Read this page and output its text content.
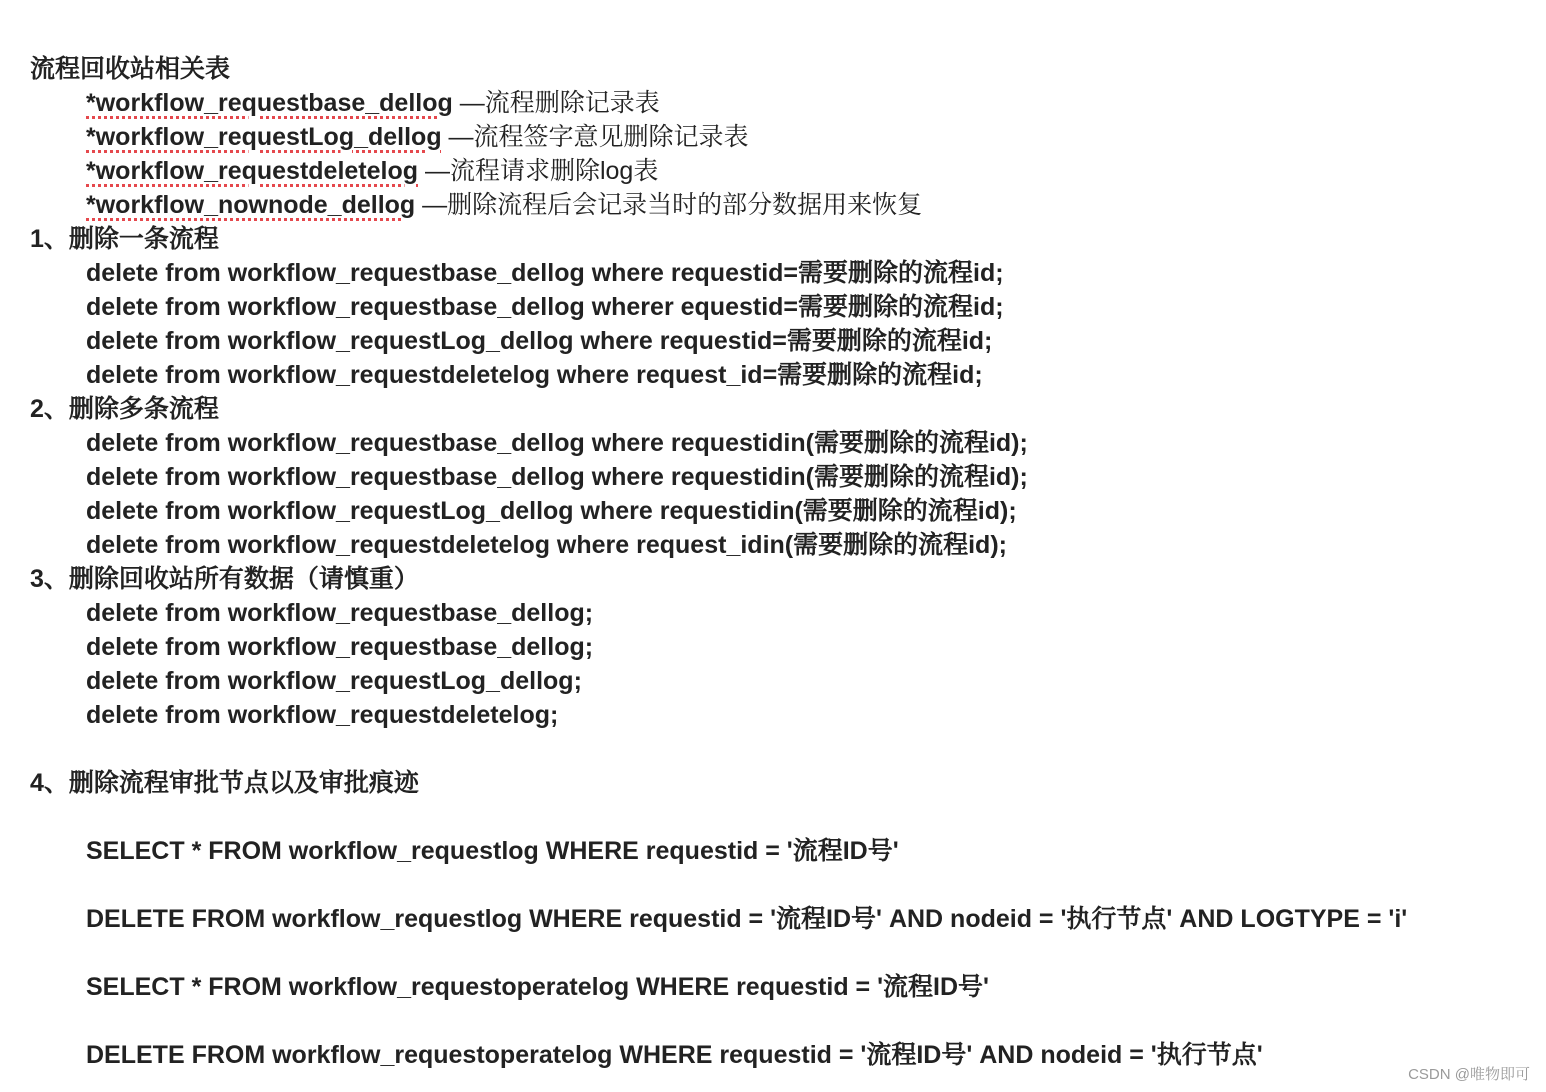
流程回收站相关表
*workflow_requestbase_dellog —流程删除记录表
*workflow_requestLog_dellog —流程签字意见删除记录表
*workflow_requestdeletelog —流程请求删除log表
*workflow_nownode_dellog —删除流程后会记录当时的部分数据用来恢复
1、删除一条流程
delete from workflow_requestbase_dellog where requestid=需要删除的流程id;
delete from workflow_requestbase_dellog wherer equestid=需要删除的流程id;
delete from workflow_requestLog_dellog where requestid=需要删除的流程id;
delete from workflow_requestdeletelog where request_id=需要删除的流程id;
2、删除多条流程
delete from workflow_requestbase_dellog where requestidin(需要删除的流程id);
delete from workflow_requestbase_dellog where requestidin(需要删除的流程id);
delete from workflow_requestLog_dellog where requestidin(需要删除的流程id);
delete from workflow_requestdeletelog where request_idin(需要删除的流程id);
3、删除回收站所有数据（请慎重）
delete from workflow_requestbase_dellog;
delete from workflow_requestbase_dellog;
delete from workflow_requestLog_dellog;
delete from workflow_requestdeletelog;
4、删除流程审批节点以及审批痕迹
SELECT * FROM workflow_requestlog WHERE requestid = '流程ID号'
DELETE FROM workflow_requestlog WHERE requestid = '流程ID号' AND nodeid = '执行节点' AND LOGTYPE = 'i'
SELECT * FROM workflow_requestoperatelog WHERE requestid = '流程ID号'
DELETE FROM workflow_requestoperatelog WHERE requestid = '流程ID号' AND nodeid = '执行节点'
CSDN @唯物即可
